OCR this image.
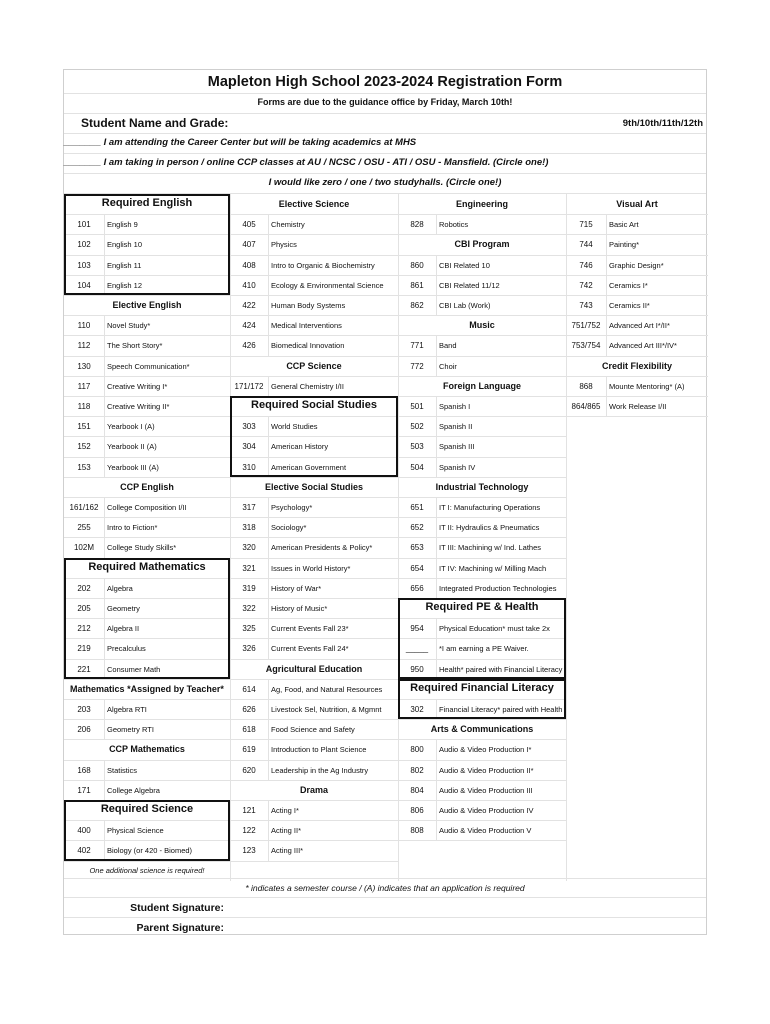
Mapleton High School 2023-2024 Registration Form
Forms are due to the guidance office by Friday, March 10th!
Student Name and Grade:	9th/10th/11th/12th
_______ I am attending the Career Center but will be taking academics at MHS
_______ I am taking in person / online CCP classes at AU / NCSC / OSU - ATI / OSU - Mansfield. (Circle one!)
I would like zero / one / two studyhalls. (Circle one!)
Required English
101	English 9
102	English 10
103	English 11
104	English 12
Elective English
110	Novel Study*
112	The Short Story*
130	Speech Communication*
117	Creative Writing I*
118	Creative Writing II*
151	Yearbook I (A)
152	Yearbook II (A)
153	Yearbook III (A)
CCP English
161/162	College Composition I/II
255	Intro to Fiction*
102M	College Study Skills*
Required Mathematics
202	Algebra
205	Geometry
212	Algebra II
219	Precalculus
221	Consumer Math
Mathematics *Assigned by Teacher*
203	Algebra RTI
206	Geometry RTI
CCP Mathematics
168	Statistics
171	College Algebra
Required Science
400	Physical Science
402	Biology (or 420 - Biomed)
One additional science is required!
Elective Science
405	Chemistry
407	Physics
408	Intro to Organic & Biochemistry
410	Ecology & Environmental Science
422	Human Body Systems
424	Medical Interventions
426	Biomedical Innovation
CCP Science
171/172	General Chemistry I/II
Required Social Studies
303	World Studies
304	American History
310	American Government
Elective Social Studies
317	Psychology*
318	Sociology*
320	American Presidents & Policy*
321	Issues in World History*
319	History of War*
322	History of Music*
325	Current Events Fall 23*
326	Current Events Fall 24*
Agricultural Education
614	Ag, Food, and Natural Resources
626	Livestock Sel, Nutrition, & Mgmnt
618	Food Science and Safety
619	Introduction to Plant Science
620	Leadership in the Ag Industry
Drama
121	Acting I*
122	Acting II*
123	Acting III*
Engineering
828	Robotics
CBI Program
860	CBI Related 10
861	CBI Related 11/12
862	CBI Lab (Work)
Music
771	Band
772	Choir
Foreign Language
501	Spanish I
502	Spanish II
503	Spanish III
504	Spanish IV
Industrial Technology
651	IT I: Manufacturing Operations
652	IT II: Hydraulics & Pneumatics
653	IT III: Machining w/ Ind. Lathes
654	IT IV: Machining w/ Milling Mach
656	Integrated Production Technologies
Required PE & Health
954	Physical Education* must take 2x
_____	*I am earning a PE Waiver.
950	Health* paired with Financial Literacy
Required Financial Literacy
302	Financial Literacy* paired with Health
Arts & Communications
800	Audio & Video Production I*
802	Audio & Video Production II*
804	Audio & Video Production III
806	Audio & Video Production IV
808	Audio & Video Production V
Visual Art
715	Basic Art
744	Painting*
746	Graphic Design*
742	Ceramics I*
743	Ceramics II*
751/752	Advanced Art I*/II*
753/754	Advanced Art III*/IV*
Credit Flexibility
868	Mounte Mentoring* (A)
864/865	Work Release I/II
* indicates a semester course / (A) indicates that an application is required
Student Signature:
Parent Signature:
